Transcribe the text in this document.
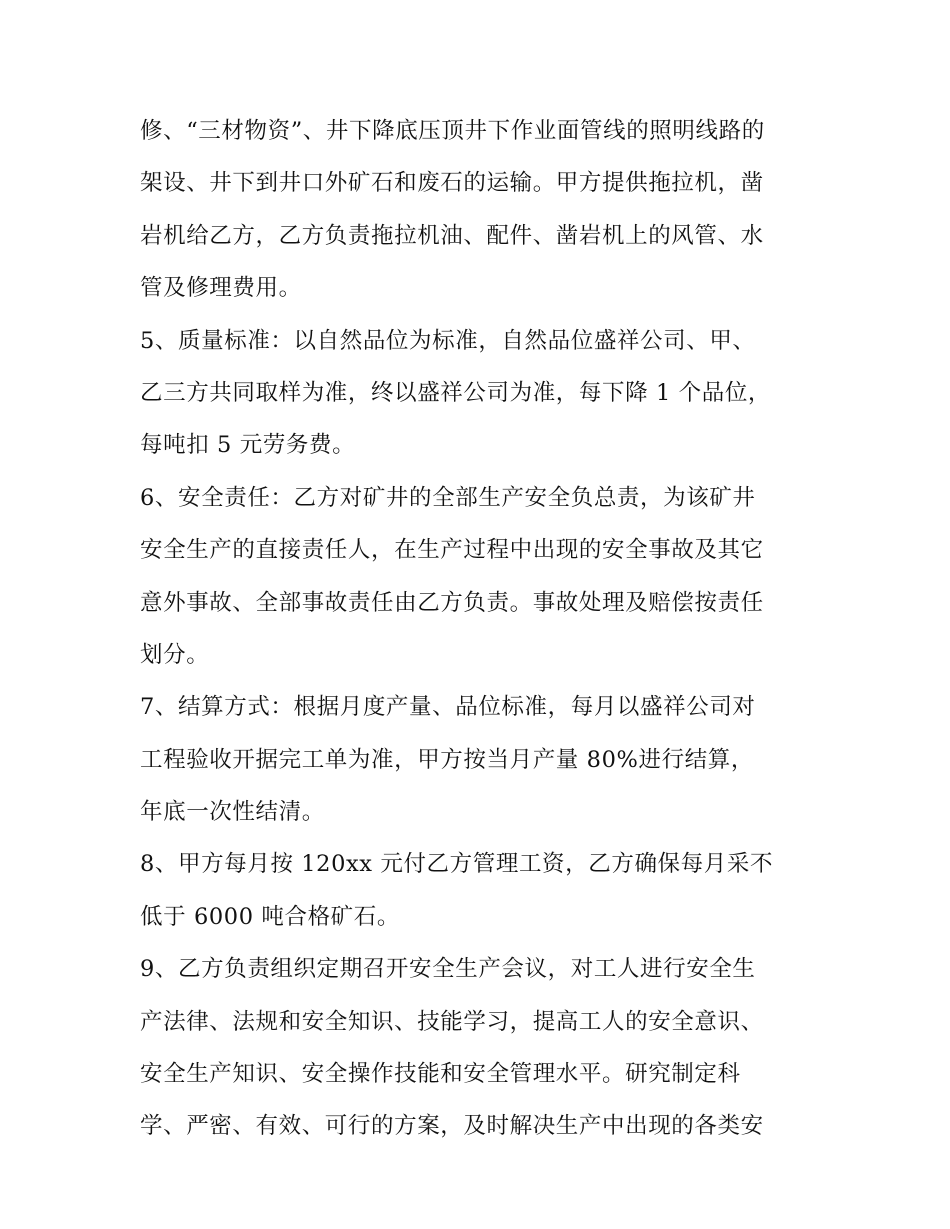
修、“三材物资”、井下降底压顶井下作业面管线的照明线路的
架设、井下到井口外矿石和废石的运输。甲方提供拖拉机，凿
岩机给乙方，乙方负责拖拉机油、配件、凿岩机上的风管、水
管及修理费用。
5、质量标准：以自然品位为标准，自然品位盛祥公司、甲、
乙三方共同取样为准，终以盛祥公司为准，每下降 1 个品位，
每吨扣 5 元劳务费。
6、安全责任：乙方对矿井的全部生产安全负总责，为该矿井
安全生产的直接责任人，在生产过程中出现的安全事故及其它
意外事故、全部事故责任由乙方负责。事故处理及赔偿按责任
划分。
7、结算方式：根据月度产量、品位标准，每月以盛祥公司对
工程验收开据完工单为准，甲方按当月产量 80%进行结算，
年底一次性结清。
8、甲方每月按 120xx 元付乙方管理工资，乙方确保每月采不
低于 6000 吨合格矿石。
9、乙方负责组织定期召开安全生产会议，对工人进行安全生
产法律、法规和安全知识、技能学习，提高工人的安全意识、
安全生产知识、安全操作技能和安全管理水平。研究制定科
学、严密、有效、可行的方案，及时解决生产中出现的各类安
